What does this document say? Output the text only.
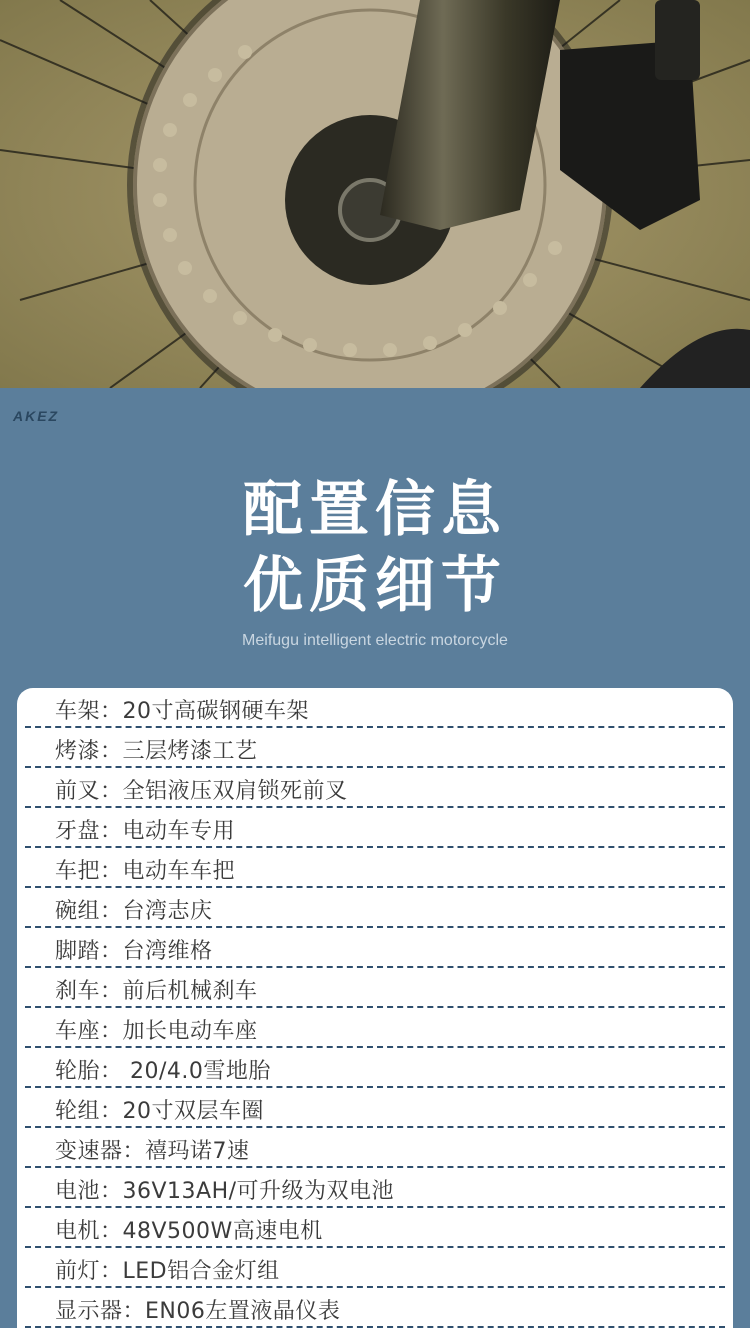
AKEZ
配置信息
优质细节
Meifugu intelligent electric motorcycle
车架：20寸高碳钢硬车架
烤漆：三层烤漆工艺
前叉：全铝液压双肩锁死前叉
牙盘：电动车专用
车把：电动车车把
碗组：台湾志庆
脚踏：台湾维格
刹车：前后机械刹车
车座：加长电动车座
轮胎： 20/4.0雪地胎
轮组：20寸双层车圈
变速器：禧玛诺7速
电池：36V13AH/可升级为双电池
电机：48V500W高速电机
前灯：LED铝合金灯组
显示器：EN06左置液晶仪表
